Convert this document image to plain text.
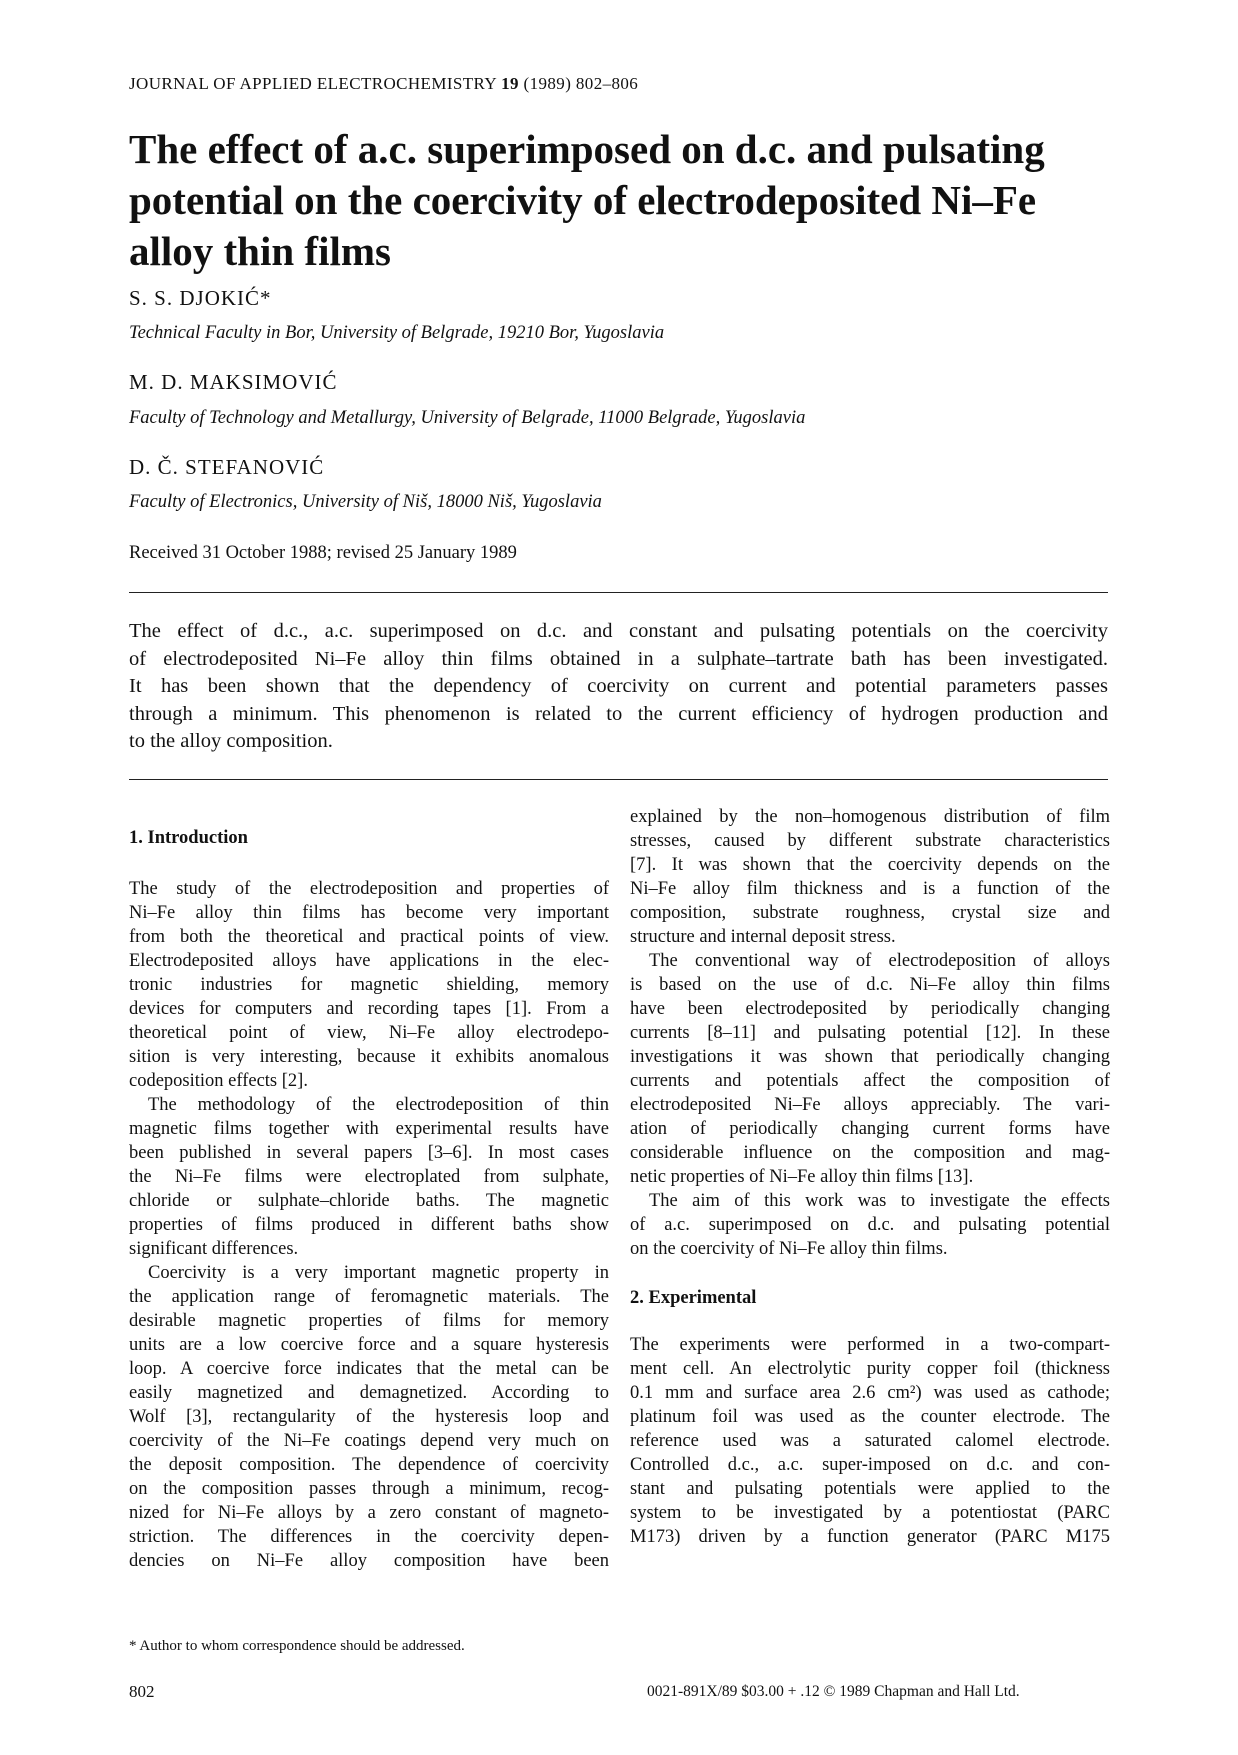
JOURNAL OF APPLIED ELECTROCHEMISTRY 19 (1989) 802–806
The effect of a.c. superimposed on d.c. and pulsating
potential on the coercivity of electrodeposited Ni–Fe
alloy thin films
S. S. DJOKIĆ*
Technical Faculty in Bor, University of Belgrade, 19210 Bor, Yugoslavia
M. D. MAKSIMOVIĆ
Faculty of Technology and Metallurgy, University of Belgrade, 11000 Belgrade, Yugoslavia
D. Č. STEFANOVIĆ
Faculty of Electronics, University of Niš, 18000 Niš, Yugoslavia
Received 31 October 1988; revised 25 January 1989
The effect of d.c., a.c. superimposed on d.c. and constant and pulsating potentials on the coercivity
of electrodeposited Ni–Fe alloy thin films obtained in a sulphate–tartrate bath has been investigated.
It has been shown that the dependency of coercivity on current and potential parameters passes
through a minimum. This phenomenon is related to the current efficiency of hydrogen production and
to the alloy composition.
1. Introduction
The study of the electrodeposition and properties of
Ni–Fe alloy thin films has become very important
from both the theoretical and practical points of view.
Electrodeposited alloys have applications in the elec-
tronic industries for magnetic shielding, memory
devices for computers and recording tapes [1]. From a
theoretical point of view, Ni–Fe alloy electrodepo-
sition is very interesting, because it exhibits anomalous
codeposition effects [2].
The methodology of the electrodeposition of thin
magnetic films together with experimental results have
been published in several papers [3–6]. In most cases
the Ni–Fe films were electroplated from sulphate,
chloride or sulphate–chloride baths. The magnetic
properties of films produced in different baths show
significant differences.
Coercivity is a very important magnetic property in
the application range of feromagnetic materials. The
desirable magnetic properties of films for memory
units are a low coercive force and a square hysteresis
loop. A coercive force indicates that the metal can be
easily magnetized and demagnetized. According to
Wolf [3], rectangularity of the hysteresis loop and
coercivity of the Ni–Fe coatings depend very much on
the deposit composition. The dependence of coercivity
on the composition passes through a minimum, recog-
nized for Ni–Fe alloys by a zero constant of magneto-
striction. The differences in the coercivity depen-
dencies on Ni–Fe alloy composition have been
explained by the non–homogenous distribution of film
stresses, caused by different substrate characteristics
[7]. It was shown that the coercivity depends on the
Ni–Fe alloy film thickness and is a function of the
composition, substrate roughness, crystal size and
structure and internal deposit stress.
The conventional way of electrodeposition of alloys
is based on the use of d.c. Ni–Fe alloy thin films
have been electrodeposited by periodically changing
currents [8–11] and pulsating potential [12]. In these
investigations it was shown that periodically changing
currents and potentials affect the composition of
electrodeposited Ni–Fe alloys appreciably. The vari-
ation of periodically changing current forms have
considerable influence on the composition and mag-
netic properties of Ni–Fe alloy thin films [13].
The aim of this work was to investigate the effects
of a.c. superimposed on d.c. and pulsating potential
on the coercivity of Ni–Fe alloy thin films.
2. Experimental
The experiments were performed in a two-compart-
ment cell. An electrolytic purity copper foil (thickness
0.1 mm and surface area 2.6 cm²) was used as cathode;
platinum foil was used as the counter electrode. The
reference used was a saturated calomel electrode.
Controlled d.c., a.c. super-imposed on d.c. and con-
stant and pulsating potentials were applied to the
system to be investigated by a potentiostat (PARC
M173) driven by a function generator (PARC M175
* Author to whom correspondence should be addressed.
802	0021-891X/89 $03.00 + .12 © 1989 Chapman and Hall Ltd.
